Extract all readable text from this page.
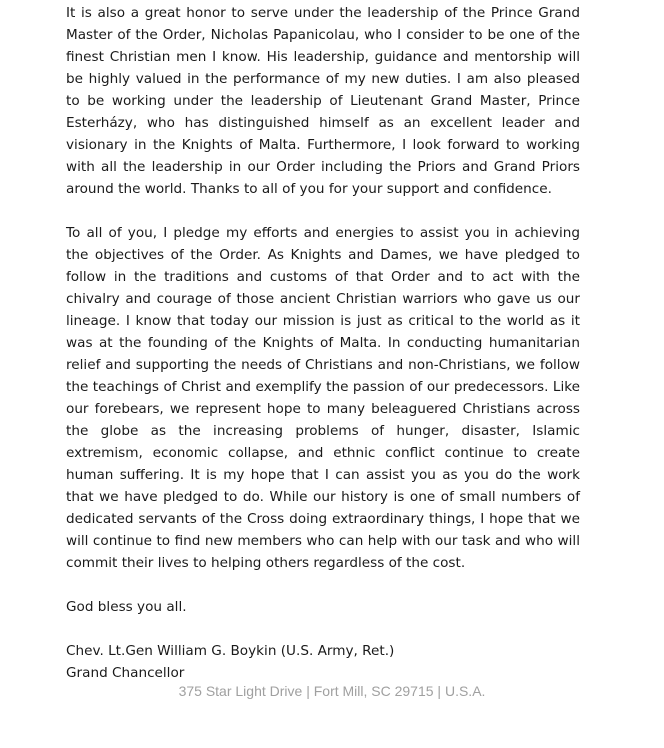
It is also a great honor to serve under the leadership of the Prince Grand Master of the Order, Nicholas Papanicolau, who I consider to be one of the finest Christian men I know. His leadership, guidance and mentorship will be highly valued in the performance of my new duties. I am also pleased to be working under the leadership of Lieutenant Grand Master, Prince Esterházy, who has distinguished himself as an excellent leader and visionary in the Knights of Malta. Furthermore, I look forward to working with all the leadership in our Order including the Priors and Grand Priors around the world. Thanks to all of you for your support and confidence.

To all of you, I pledge my efforts and energies to assist you in achieving the objectives of the Order. As Knights and Dames, we have pledged to follow in the traditions and customs of that Order and to act with the chivalry and courage of those ancient Christian warriors who gave us our lineage. I know that today our mission is just as critical to the world as it was at the founding of the Knights of Malta. In conducting humanitarian relief and supporting the needs of Christians and non-Christians, we follow the teachings of Christ and exemplify the passion of our predecessors. Like our forebears, we represent hope to many beleaguered Christians across the globe as the increasing problems of hunger, disaster, Islamic extremism, economic collapse, and ethnic conflict continue to create human suffering. It is my hope that I can assist you as you do the work that we have pledged to do. While our history is one of small numbers of dedicated servants of the Cross doing extraordinary things, I hope that we will continue to find new members who can help with our task and who will commit their lives to helping others regardless of the cost.

God bless you all.

Chev. Lt.Gen William G. Boykin (U.S. Army, Ret.)

Grand Chancellor

375 Star Light Drive | Fort Mill, SC 29715 | U.S.A.
